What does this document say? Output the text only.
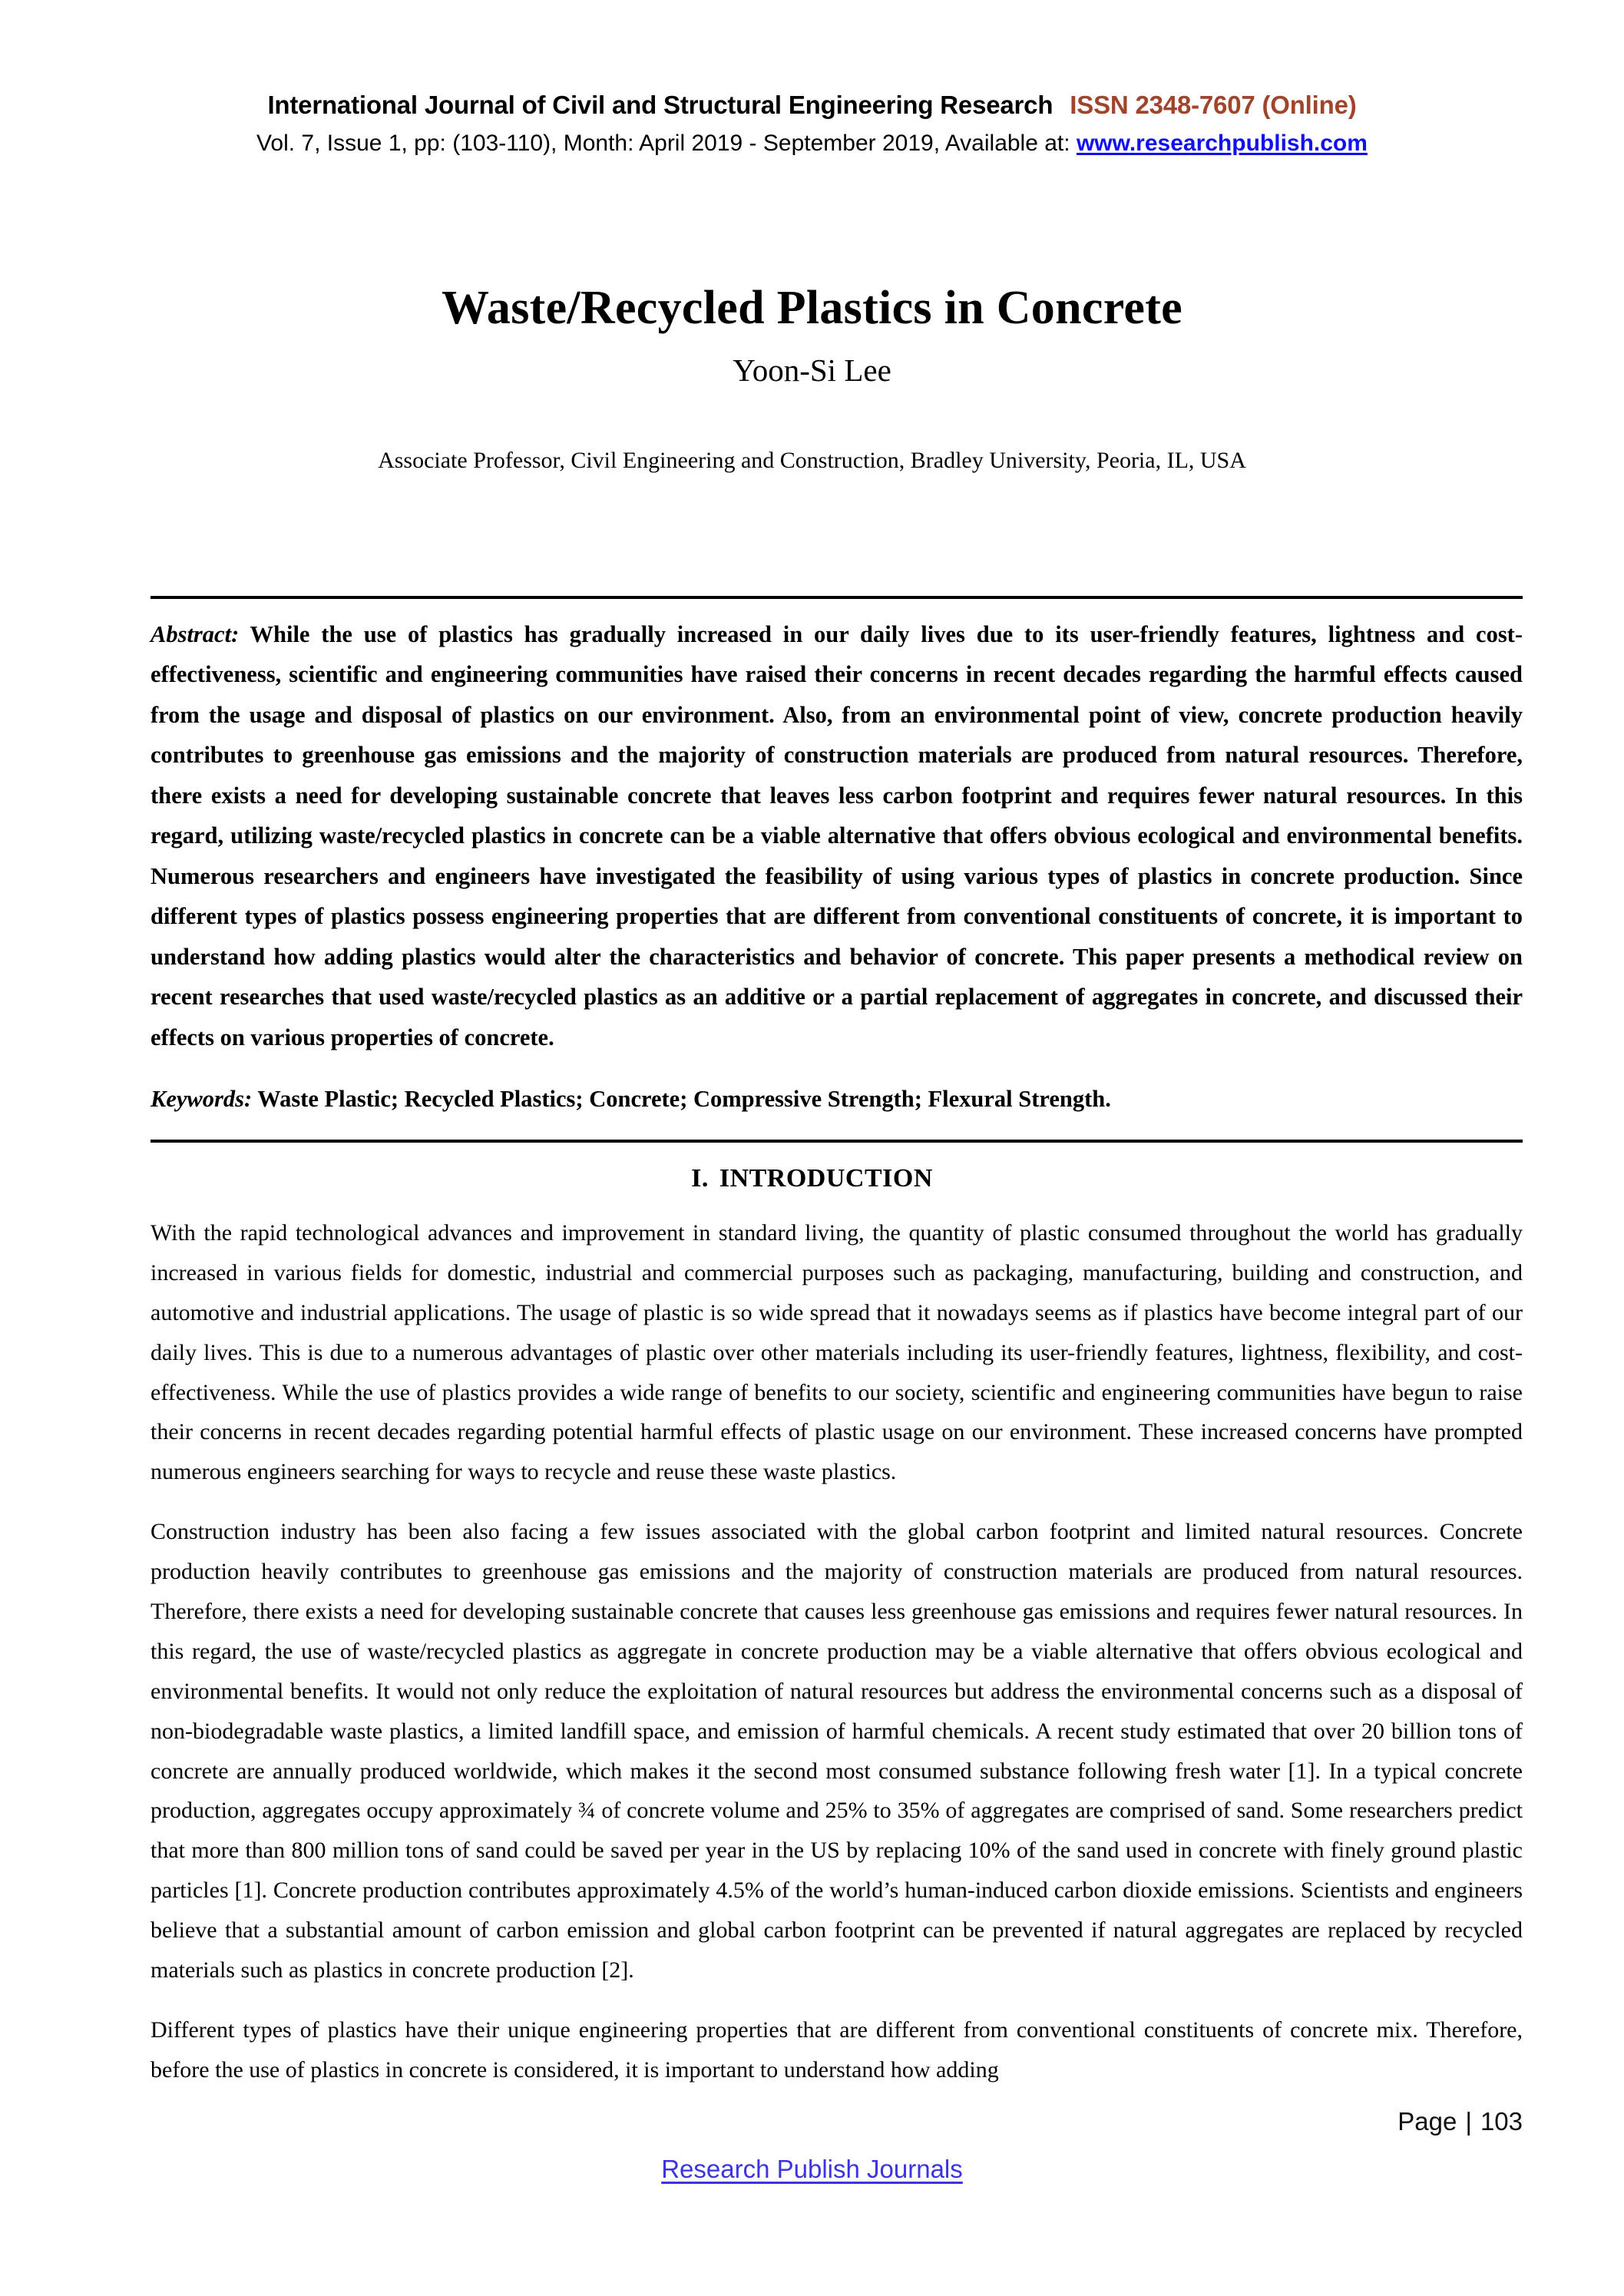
International Journal of Civil and Structural Engineering Research ISSN 2348-7607 (Online)
Vol. 7, Issue 1, pp: (103-110), Month: April 2019 - September 2019, Available at: www.researchpublish.com
Waste/Recycled Plastics in Concrete
Yoon-Si Lee
Associate Professor, Civil Engineering and Construction, Bradley University, Peoria, IL, USA

Abstract: While the use of plastics has gradually increased in our daily lives due to its user-friendly features, lightness and cost-effectiveness, scientific and engineering communities have raised their concerns in recent decades regarding the harmful effects caused from the usage and disposal of plastics on our environment. Also, from an environmental point of view, concrete production heavily contributes to greenhouse gas emissions and the majority of construction materials are produced from natural resources. Therefore, there exists a need for developing sustainable concrete that leaves less carbon footprint and requires fewer natural resources. In this regard, utilizing waste/recycled plastics in concrete can be a viable alternative that offers obvious ecological and environmental benefits. Numerous researchers and engineers have investigated the feasibility of using various types of plastics in concrete production. Since different types of plastics possess engineering properties that are different from conventional constituents of concrete, it is important to understand how adding plastics would alter the characteristics and behavior of concrete. This paper presents a methodical review on recent researches that used waste/recycled plastics as an additive or a partial replacement of aggregates in concrete, and discussed their effects on various properties of concrete.

Keywords: Waste Plastic; Recycled Plastics; Concrete; Compressive Strength; Flexural Strength.

I. INTRODUCTION

With the rapid technological advances and improvement in standard living, the quantity of plastic consumed throughout the world has gradually increased in various fields for domestic, industrial and commercial purposes such as packaging, manufacturing, building and construction, and automotive and industrial applications. The usage of plastic is so wide spread that it nowadays seems as if plastics have become integral part of our daily lives. This is due to a numerous advantages of plastic over other materials including its user-friendly features, lightness, flexibility, and cost-effectiveness. While the use of plastics provides a wide range of benefits to our society, scientific and engineering communities have begun to raise their concerns in recent decades regarding potential harmful effects of plastic usage on our environment. These increased concerns have prompted numerous engineers searching for ways to recycle and reuse these waste plastics.

Construction industry has been also facing a few issues associated with the global carbon footprint and limited natural resources. Concrete production heavily contributes to greenhouse gas emissions and the majority of construction materials are produced from natural resources. Therefore, there exists a need for developing sustainable concrete that causes less greenhouse gas emissions and requires fewer natural resources. In this regard, the use of waste/recycled plastics as aggregate in concrete production may be a viable alternative that offers obvious ecological and environmental benefits. It would not only reduce the exploitation of natural resources but address the environmental concerns such as a disposal of non-biodegradable waste plastics, a limited landfill space, and emission of harmful chemicals. A recent study estimated that over 20 billion tons of concrete are annually produced worldwide, which makes it the second most consumed substance following fresh water [1]. In a typical concrete production, aggregates occupy approximately ¾ of concrete volume and 25% to 35% of aggregates are comprised of sand. Some researchers predict that more than 800 million tons of sand could be saved per year in the US by replacing 10% of the sand used in concrete with finely ground plastic particles [1]. Concrete production contributes approximately 4.5% of the world’s human-induced carbon dioxide emissions. Scientists and engineers believe that a substantial amount of carbon emission and global carbon footprint can be prevented if natural aggregates are replaced by recycled materials such as plastics in concrete production [2].

Different types of plastics have their unique engineering properties that are different from conventional constituents of concrete mix. Therefore, before the use of plastics in concrete is considered, it is important to understand how adding

Page | 103
Research Publish Journals
